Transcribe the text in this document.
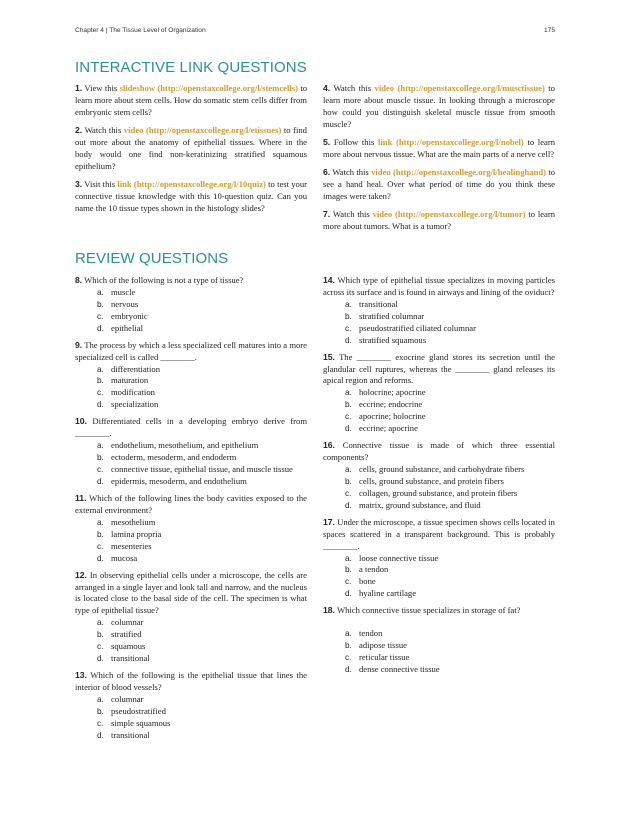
Chapter 4 | The Tissue Level of Organization	175
INTERACTIVE LINK QUESTIONS

1. View this slideshow (http://openstaxcollege.org/l/stemcells) to learn more about stem cells. How do somatic stem cells differ from embryonic stem cells?

2. Watch this video (http://openstaxcollege.org/l/etissues) to find out more about the anatomy of epithelial tissues. Where in the body would one find non-keratinizing stratified squamous epithelium?

3. Visit this link (http://openstaxcollege.org/l/10quiz) to test your connective tissue knowledge with this 10-question quiz. Can you name the 10 tissue types shown in the histology slides?

4. Watch this video (http://openstaxcollege.org/l/musctissue) to learn more about muscle tissue. In looking through a microscope how could you distinguish skeletal muscle tissue from smooth muscle?

5. Follow this link (http://openstaxcollege.org/l/nobel) to learn more about nervous tissue. What are the main parts of a nerve cell?

6. Watch this video (http://openstaxcollege.org/l/healinghand) to see a hand heal. Over what period of time do you think these images were taken?

7. Watch this video (http://openstaxcollege.org/l/tumor) to learn more about tumors. What is a tumor?

REVIEW QUESTIONS
8. Which of the following is not a type of tissue?
a. muscle
b. nervous
c. embryonic
d. epithelial
9. The process by which a less specialized cell matures into a more specialized cell is called ________.
a. differentiation
b. maturation
c. modification
d. specialization
10. Differentiated cells in a developing embryo derive from ________.
a. endothelium, mesothelium, and epithelium
b. ectoderm, mesoderm, and endoderm
c. connective tissue, epithelial tissue, and muscle tissue
d. epidermis, mesoderm, and endothelium
11. Which of the following lines the body cavities exposed to the external environment?
a. mesothelium
b. lamina propria
c. mesenteries
d. mucosa
12. In observing epithelial cells under a microscope, the cells are arranged in a single layer and look tall and narrow, and the nucleus is located close to the basal side of the cell. The specimen is what type of epithelial tissue?
a. columnar
b. stratified
c. squamous
d. transitional
13. Which of the following is the epithelial tissue that lines the interior of blood vessels?
a. columnar
b. pseudostratified
c. simple squamous
d. transitional
14. Which type of epithelial tissue specializes in moving particles across its surface and is found in airways and lining of the oviduct?
a. transitional
b. stratified columnar
c. pseudostratified ciliated columnar
d. stratified squamous
15. The ________ exocrine gland stores its secretion until the glandular cell ruptures, whereas the ________ gland releases its apical region and reforms.
a. holocrine; apocrine
b. eccrine; endocrine
c. apocrine; holocrine
d. eccrine; apocrine
16. Connective tissue is made of which three essential components?
a. cells, ground substance, and carbohydrate fibers
b. cells, ground substance, and protein fibers
c. collagen, ground substance, and protein fibers
d. matrix, ground substance, and fluid
17. Under the microscope, a tissue specimen shows cells located in spaces scattered in a transparent background. This is probably ________.
a. loose connective tissue
b. a tendon
c. bone
d. hyaline cartilage
18. Which connective tissue specializes in storage of fat?
a. tendon
b. adipose tissue
c. reticular tissue
d. dense connective tissue
